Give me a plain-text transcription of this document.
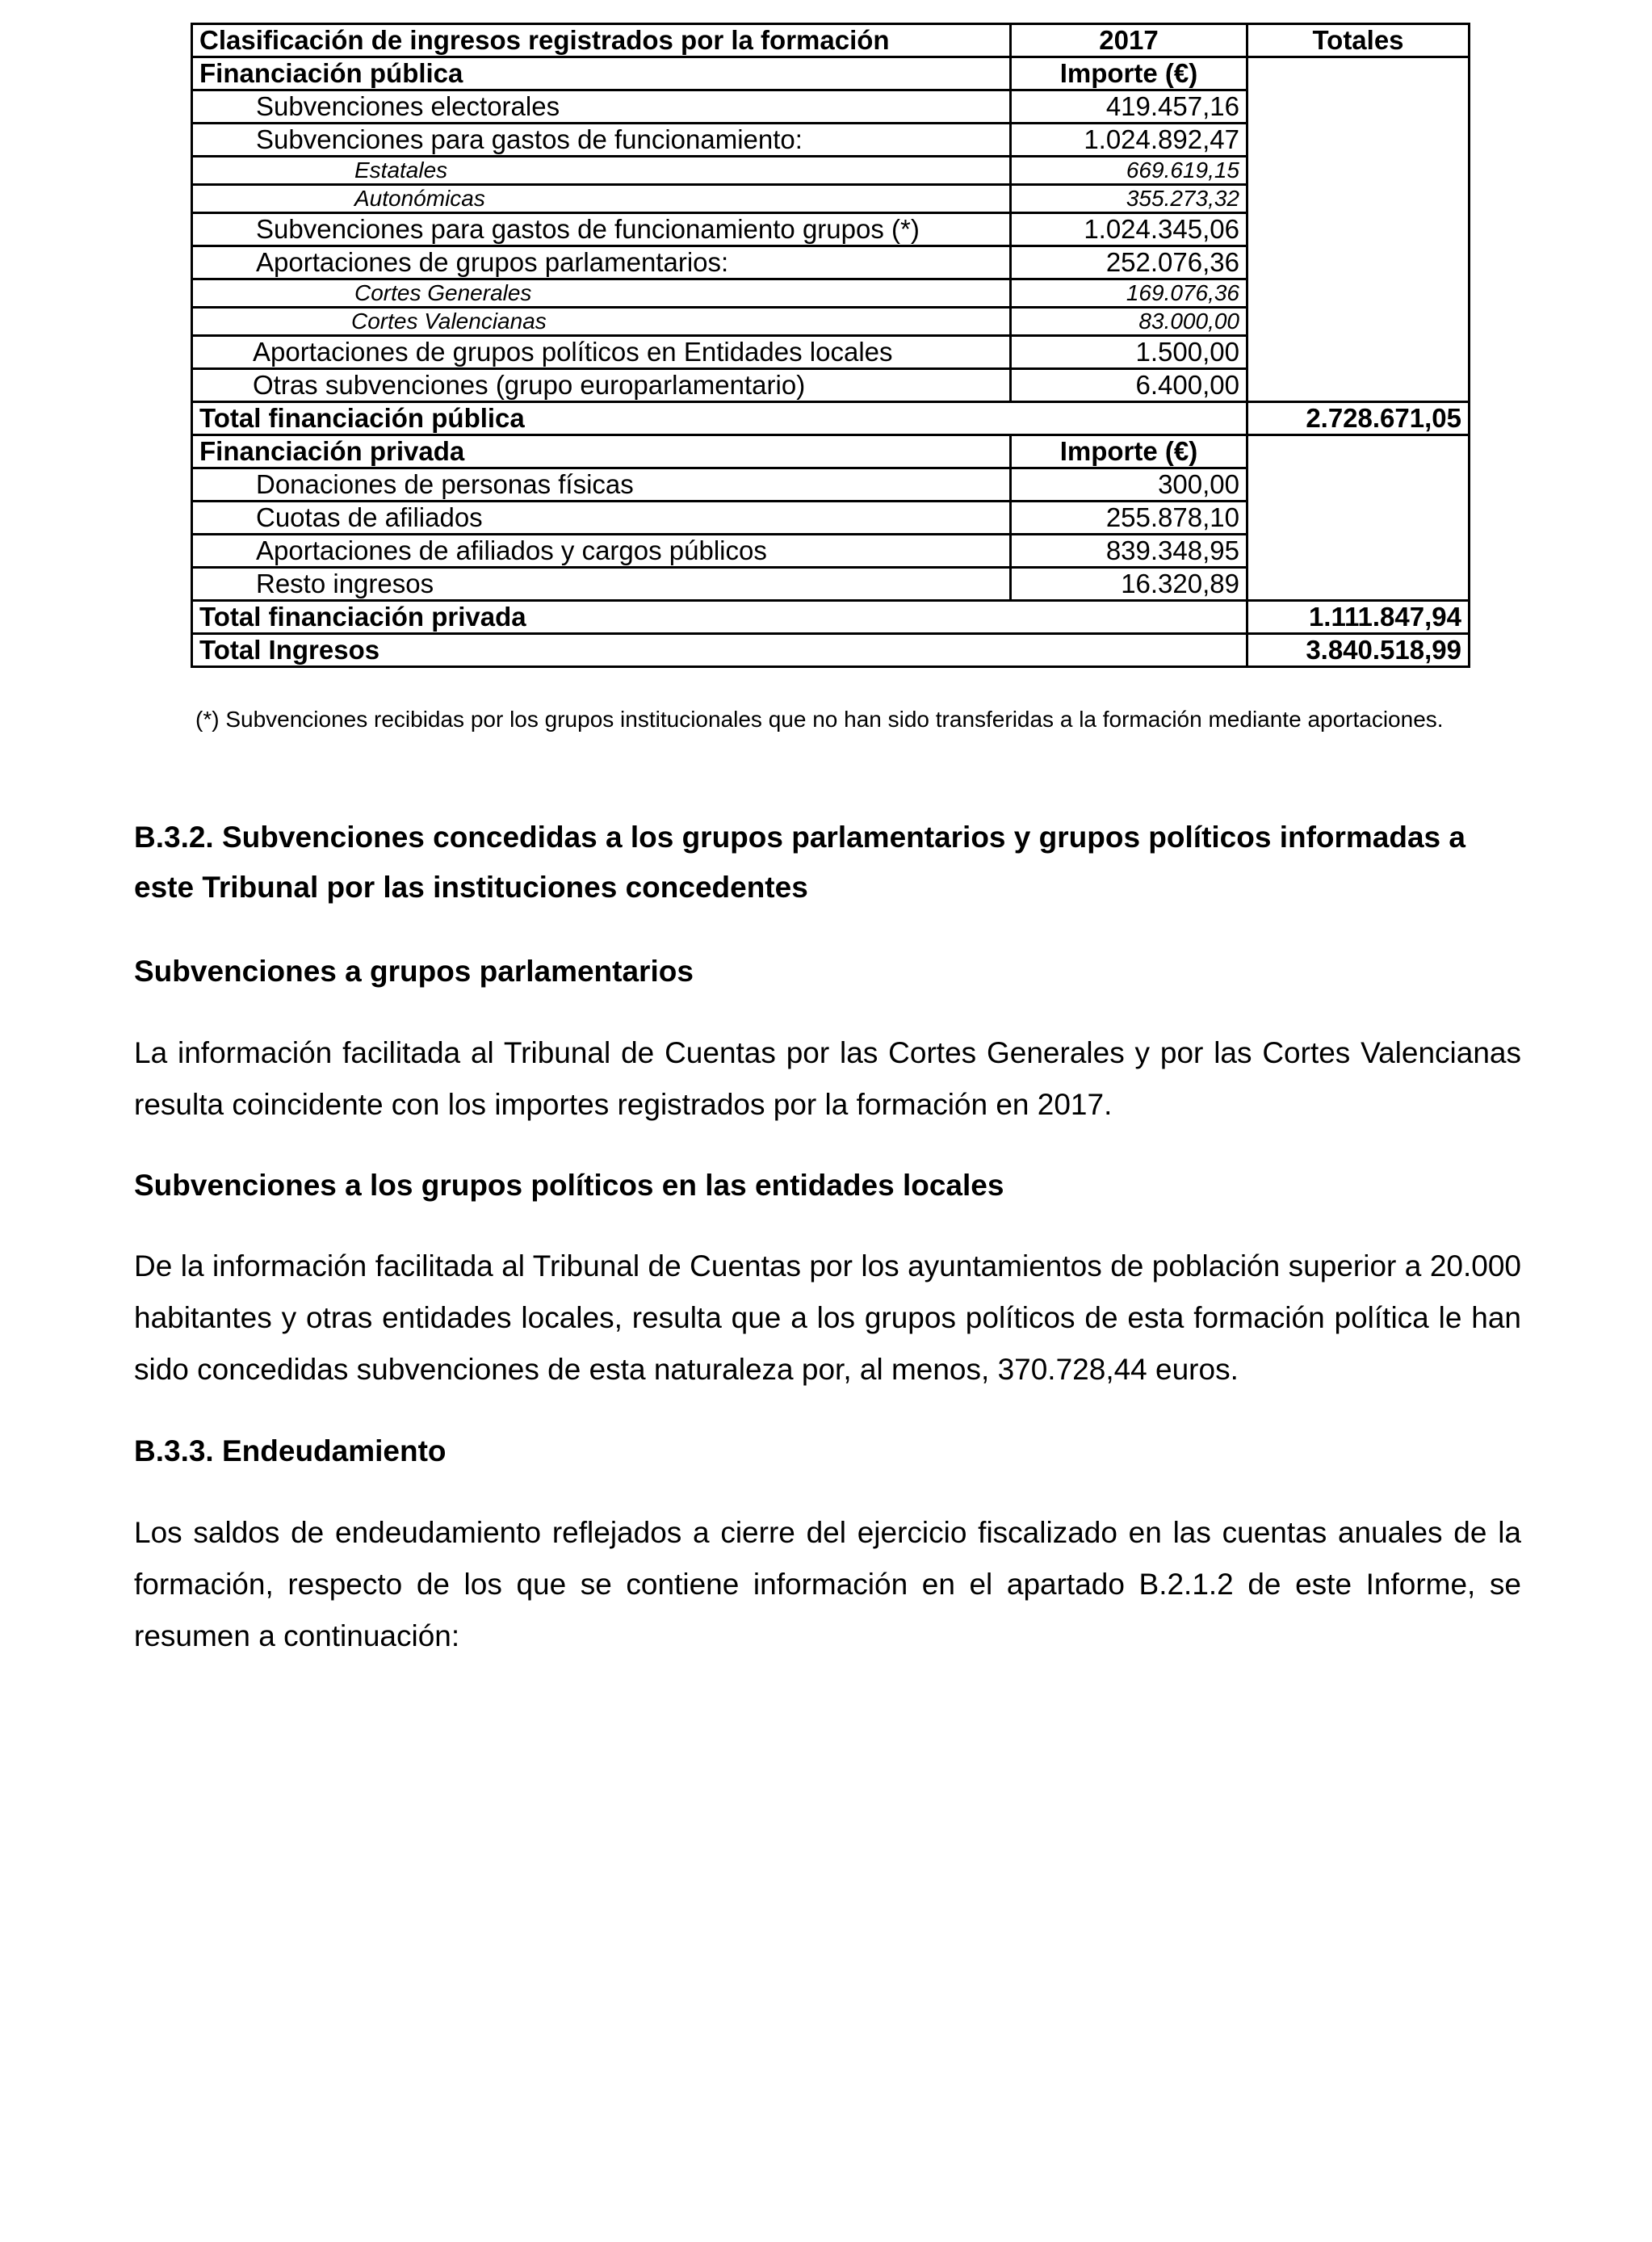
Clasificación de ingresos registrados por la formación	2017	Totales
Financiación pública	Importe (€)	
Subvenciones electorales	419.457,16	
Subvenciones para gastos de funcionamiento:	1.024.892,47	
Estatales	669.619,15	
Autonómicas	355.273,32	
Subvenciones para gastos de funcionamiento grupos (*)	1.024.345,06	
Aportaciones de grupos parlamentarios:	252.076,36	
Cortes Generales	169.076,36	
Cortes Valencianas	83.000,00	
Aportaciones de grupos políticos en Entidades locales	1.500,00	
Otras subvenciones (grupo europarlamentario)	6.400,00	
Total financiación pública		2.728.671,05
Financiación privada	Importe (€)	
Donaciones de personas físicas	300,00	
Cuotas de afiliados	255.878,10	
Aportaciones de afiliados y cargos públicos	839.348,95	
Resto ingresos	16.320,89	
Total financiación privada		1.111.847,94
Total Ingresos		3.840.518,99
(*) Subvenciones recibidas por los grupos institucionales que no han sido transferidas a la formación mediante aportaciones.
B.3.2. Subvenciones concedidas a los grupos parlamentarios y grupos políticos informadas a este Tribunal por las instituciones concedentes
Subvenciones a grupos parlamentarios
La información facilitada al Tribunal de Cuentas por las Cortes Generales y por las Cortes Valencianas resulta coincidente con los importes registrados por la formación en 2017.
Subvenciones a los grupos políticos en las entidades locales
De la información facilitada al Tribunal de Cuentas por los ayuntamientos de población superior a 20.000 habitantes y otras entidades locales, resulta que a los grupos políticos de esta formación política le han sido concedidas subvenciones de esta naturaleza por, al menos, 370.728,44 euros.
B.3.3. Endeudamiento
Los saldos de endeudamiento reflejados a cierre del ejercicio fiscalizado en las cuentas anuales de la formación, respecto de los que se contiene información en el apartado B.2.1.2 de este Informe, se resumen a continuación:
